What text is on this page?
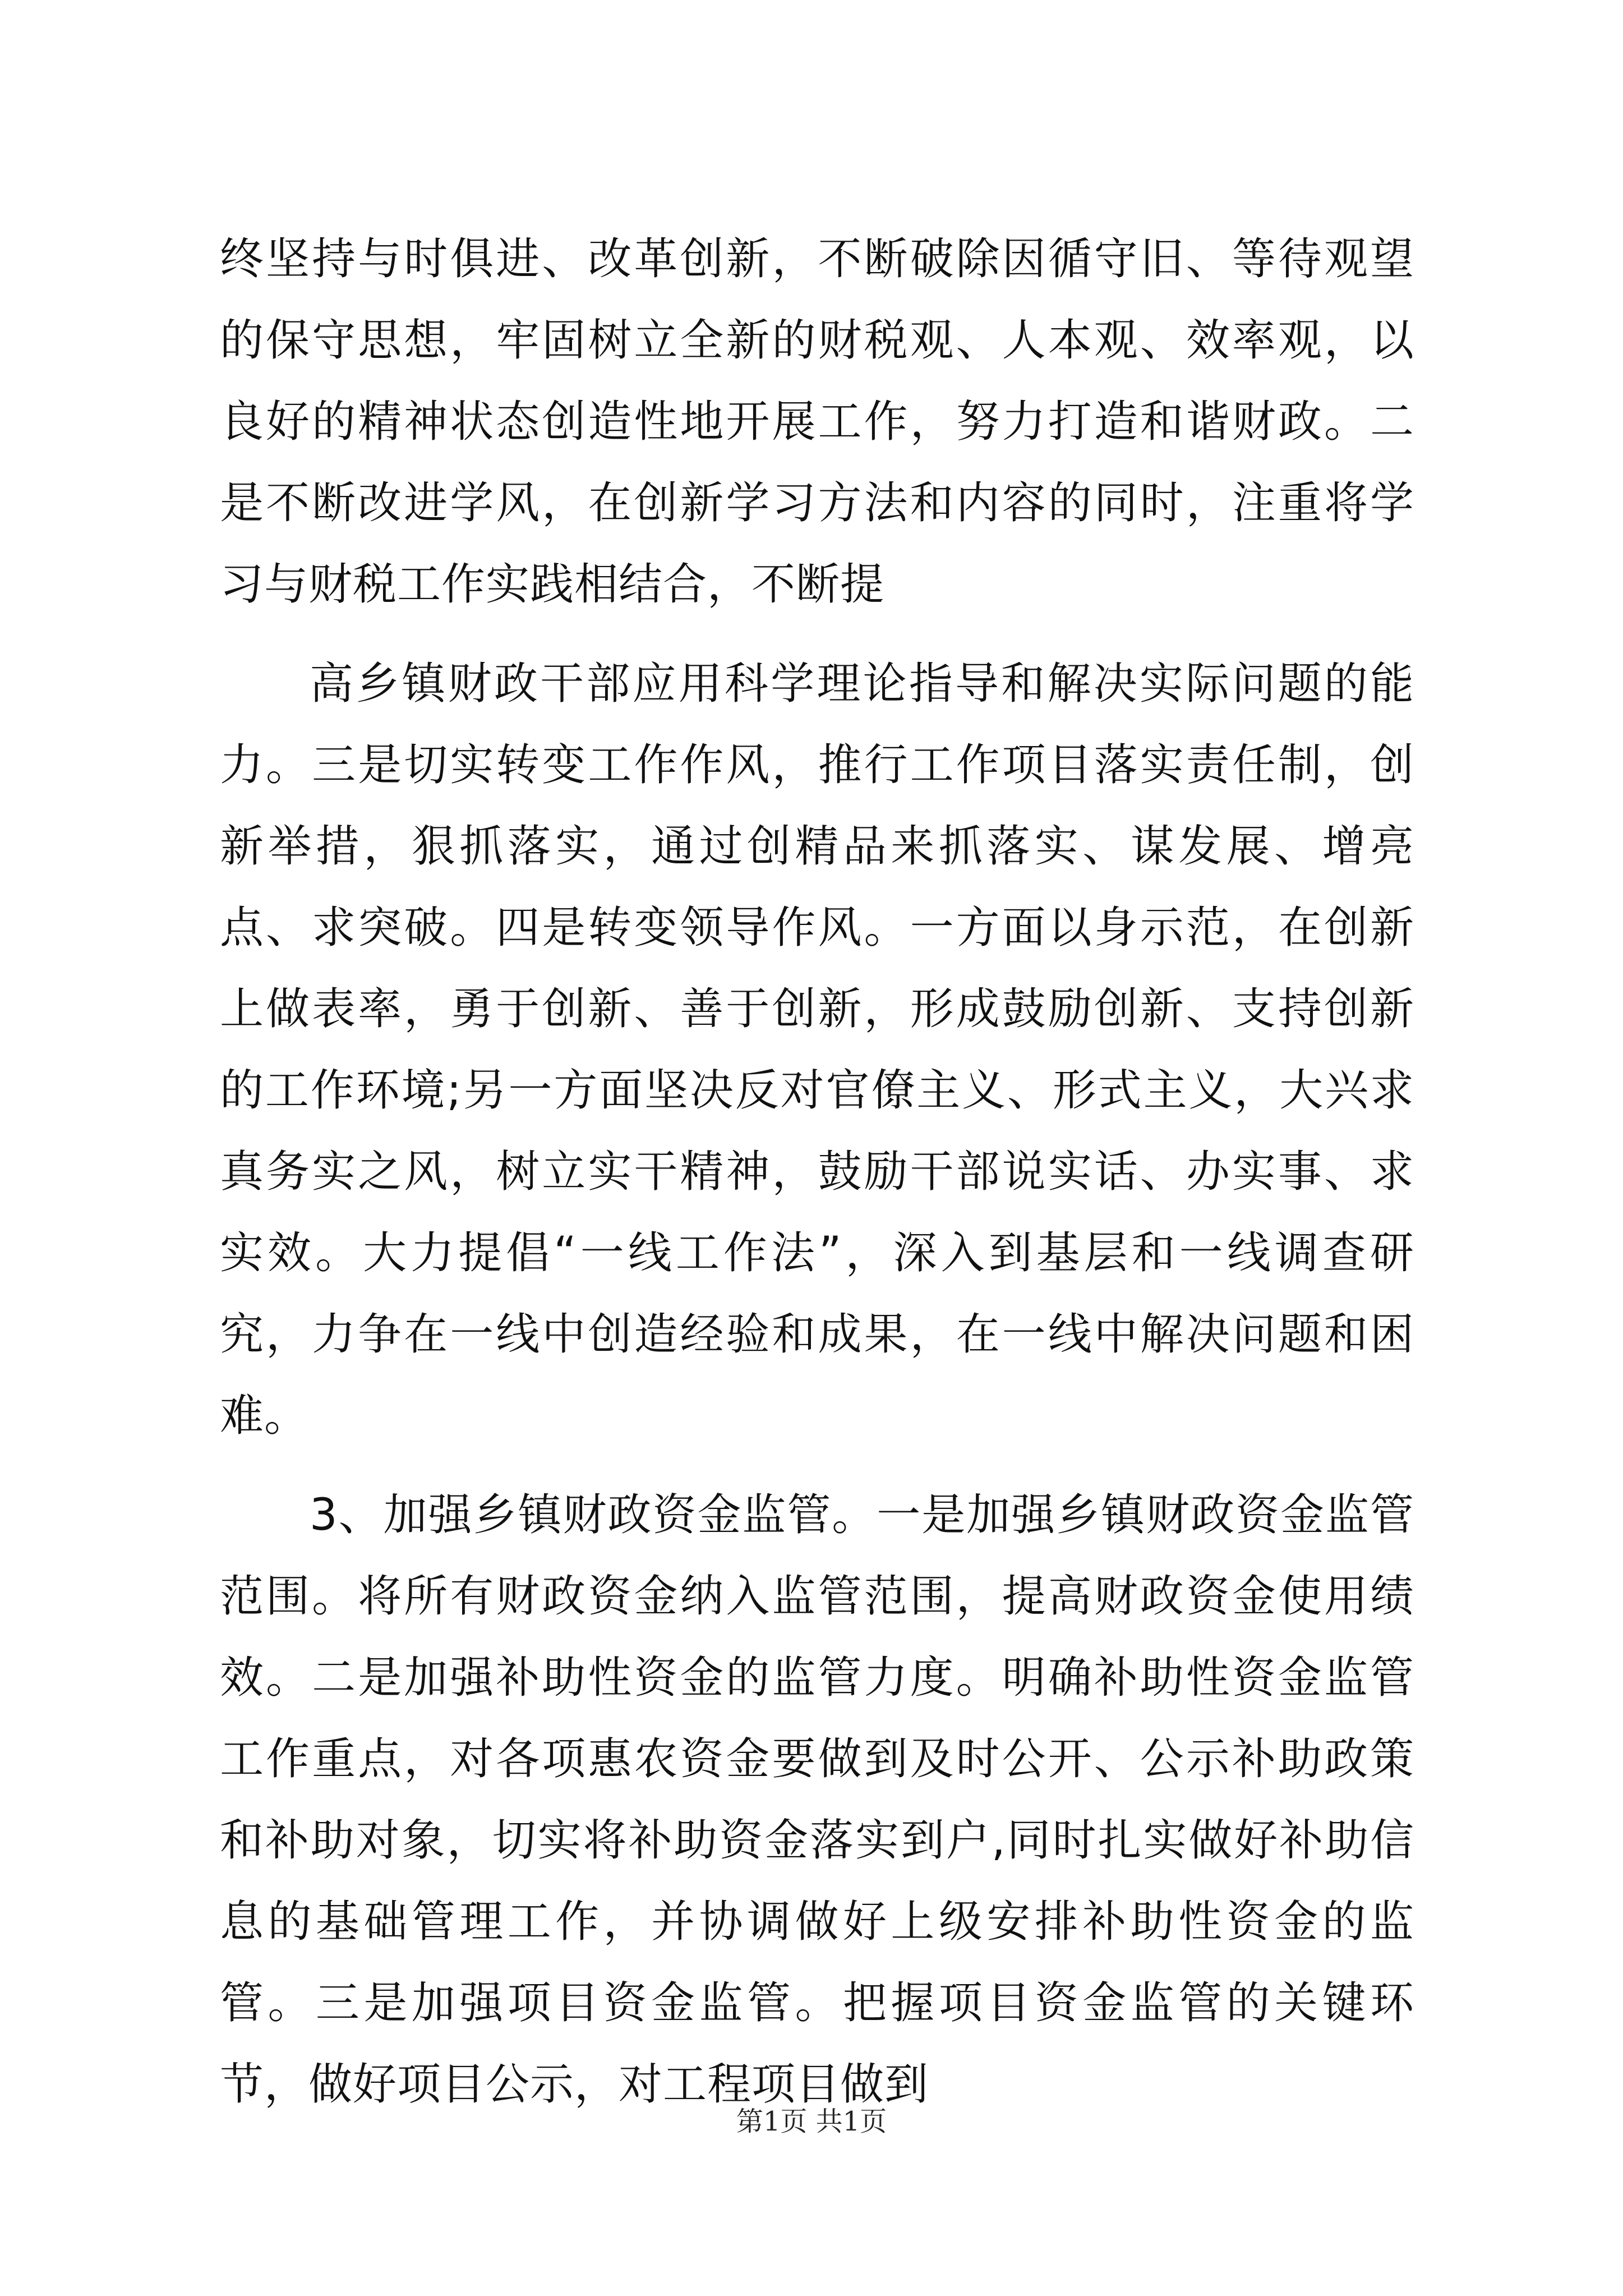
终坚持与时俱进、改革创新，不断破除因循守旧、等待观望的保守思想，牢固树立全新的财税观、人本观、效率观，以良好的精神状态创造性地开展工作，努力打造和谐财政。二是不断改进学风，在创新学习方法和内容的同时，注重将学习与财税工作实践相结合，不断提

高乡镇财政干部应用科学理论指导和解决实际问题的能力。三是切实转变工作作风，推行工作项目落实责任制，创新举措，狠抓落实，通过创精品来抓落实、谋发展、增亮点、求突破。四是转变领导作风。一方面以身示范，在创新上做表率，勇于创新、善于创新，形成鼓励创新、支持创新的工作环境;另一方面坚决反对官僚主义、形式主义，大兴求真务实之风，树立实干精神，鼓励干部说实话、办实事、求实效。大力提倡“一线工作法”，深入到基层和一线调查研究，力争在一线中创造经验和成果，在一线中解决问题和困难。

3、加强乡镇财政资金监管。一是加强乡镇财政资金监管范围。将所有财政资金纳入监管范围，提高财政资金使用绩效。二是加强补助性资金的监管力度。明确补助性资金监管工作重点，对各项惠农资金要做到及时公开、公示补助政策和补助对象，切实将补助资金落实到户,同时扎实做好补助信息的基础管理工作，并协调做好上级安排补助性资金的监管。三是加强项目资金监管。把握项目资金监管的关键环节，做好项目公示，对工程项目做到

第1页 共1页
